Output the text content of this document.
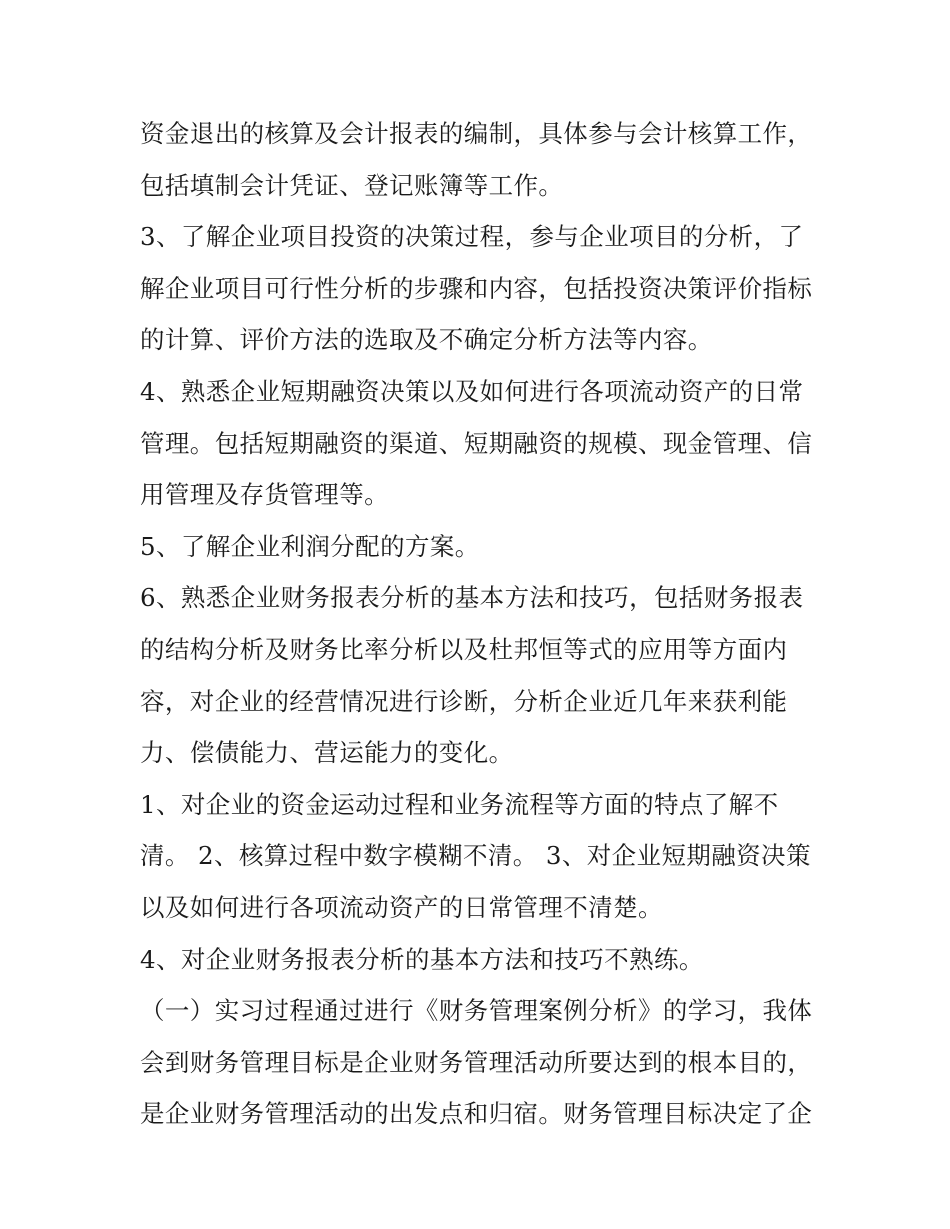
资金退出的核算及会计报表的编制，具体参与会计核算工作，
包括填制会计凭证、登记账簿等工作。
3、了解企业项目投资的决策过程，参与企业项目的分析，了
解企业项目可行性分析的步骤和内容，包括投资决策评价指标
的计算、评价方法的选取及不确定分析方法等内容。
4、熟悉企业短期融资决策以及如何进行各项流动资产的日常
管理。包括短期融资的渠道、短期融资的规模、现金管理、信
用管理及存货管理等。
5、了解企业利润分配的方案。
6、熟悉企业财务报表分析的基本方法和技巧，包括财务报表
的结构分析及财务比率分析以及杜邦恒等式的应用等方面内
容，对企业的经营情况进行诊断，分析企业近几年来获利能
力、偿债能力、营运能力的变化。
1、对企业的资金运动过程和业务流程等方面的特点了解不
清。 2、核算过程中数字模糊不清。 3、对企业短期融资决策
以及如何进行各项流动资产的日常管理不清楚。
4、对企业财务报表分析的基本方法和技巧不熟练。
（一）实习过程通过进行《财务管理案例分析》的学习，我体
会到财务管理目标是企业财务管理活动所要达到的根本目的，
是企业财务管理活动的出发点和归宿。财务管理目标决定了企
